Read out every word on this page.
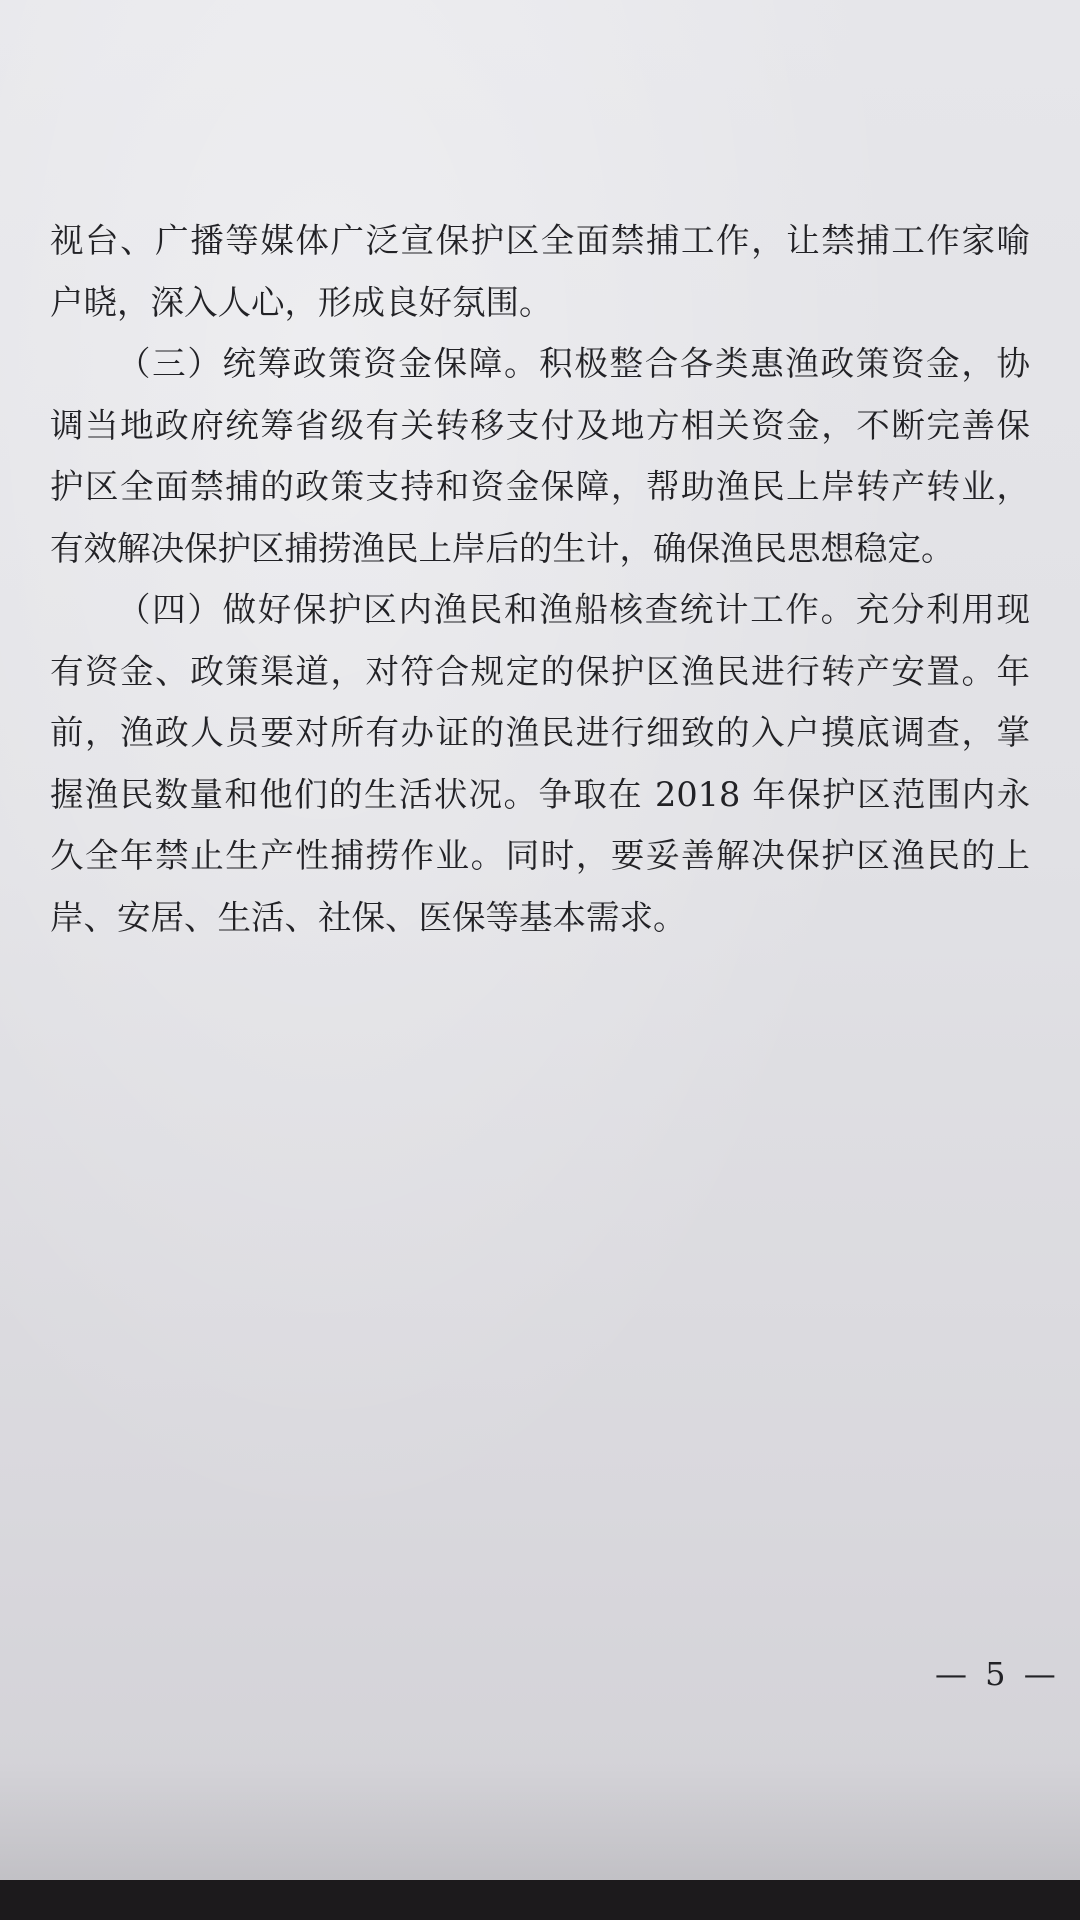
视台、广播等媒体广泛宣保护区全面禁捕工作，让禁捕工作家喻
户晓，深入人心，形成良好氛围。
（三）统筹政策资金保障。积极整合各类惠渔政策资金，协
调当地政府统筹省级有关转移支付及地方相关资金，不断完善保
护区全面禁捕的政策支持和资金保障，帮助渔民上岸转产转业，
有效解决保护区捕捞渔民上岸后的生计，确保渔民思想稳定。
（四）做好保护区内渔民和渔船核查统计工作。充分利用现
有资金、政策渠道，对符合规定的保护区渔民进行转产安置。年
前，渔政人员要对所有办证的渔民进行细致的入户摸底调查，掌
握渔民数量和他们的生活状况。争取在 2018 年保护区范围内永
久全年禁止生产性捕捞作业。同时，要妥善解决保护区渔民的上
岸、安居、生活、社保、医保等基本需求。
— 5 —
